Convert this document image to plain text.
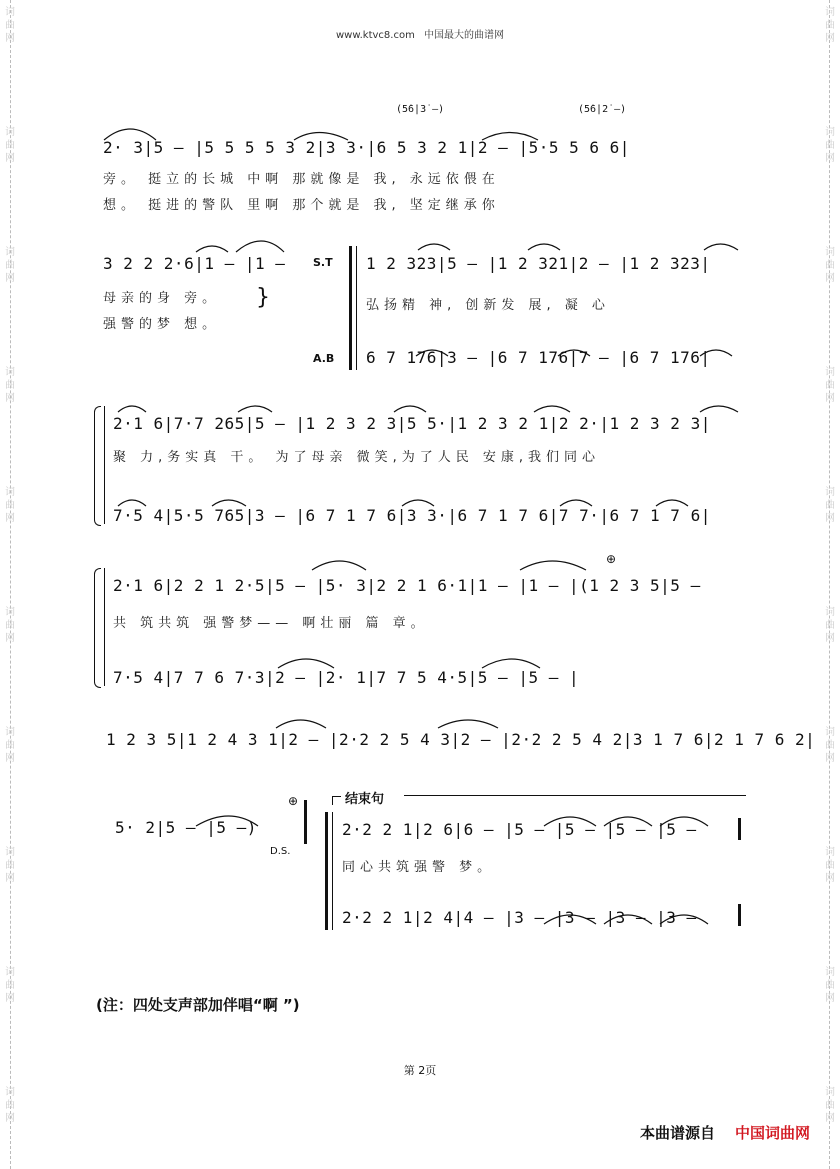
词
曲
网
词
曲
网
词
曲
网
词
曲
网
词
曲
网
词
曲
网
词
曲
网
词
曲
网
词
曲
网
词
曲
网
词
曲
网
词
曲
网
词
曲
网
词
曲
网
词
曲
网
词
曲
网
词
曲
网
词
曲
网
词
曲
网
词
曲
网
www.ktvc8.com 中国最大的曲谱网
(5̇6̇|3̇ —)	(5̇6̇|2̇ —)
2· 3|5 — |5 5 5 5 3 2|3 3·|6 5 3 2 1|2 — |5·5 5 6 6|
旁。 挺立的长城 中啊 那就像是 我, 永远依偎在
想。 挺进的警队 里啊 那个就是 我, 坚定继承你
3 2 2 2·6|1 — |1 —	S.T 1 2 323|5 — |1 2 321|2 — |1 2 323|
母亲的身 旁。
强警的梦 想。
}	弘扬精 神, 创新发 展, 凝 心
A.B 6 7 176|3 — |6 7 176|7 — |6 7 176|
2·1 6|7·7 265|5 — |1 2 3 2 3|5 5·|1 2 3 2 1|2 2·|1 2 3 2 3|
聚 力,务实真 干。 为了母亲 微笑,为了人民 安康,我们同心
7·5 4|5·5 765|3 — |6 7 1 7 6|3 3·|6 7 1 7 6|7 7·|6 7 1 7 6|
⊕
2·1 6|2 2 1 2·5|5 — |5· 3|2 2 1 6·1|1 — |1 — |(1 2 3 5|5 —
共 筑共筑 强警梦—— 啊壮丽 篇 章。
7·5 4|7 7 6 7·3|2 — |2· 1|7 7 5 4·5|5 — |5 — |
1 2 3 5|1 2 4 3 1|2 — |2·2 2 5 4 3|2 — |2·2 2 5 4 2|3 1 7 6|2 1 7 6 2|
5· 2|5 — |5 —)
⊕
D.S.
结束句
2·2 2 1|2 6|6 — |5 — |5 — |5 — |5 —
同心共筑强警 梦。
2·2 2 1|2 4|4 — |3 — |3 — |3 — |3 —
(注：四处支声部加伴唱“啊 ”)
第 2页
本曲谱源自 中国词曲网
